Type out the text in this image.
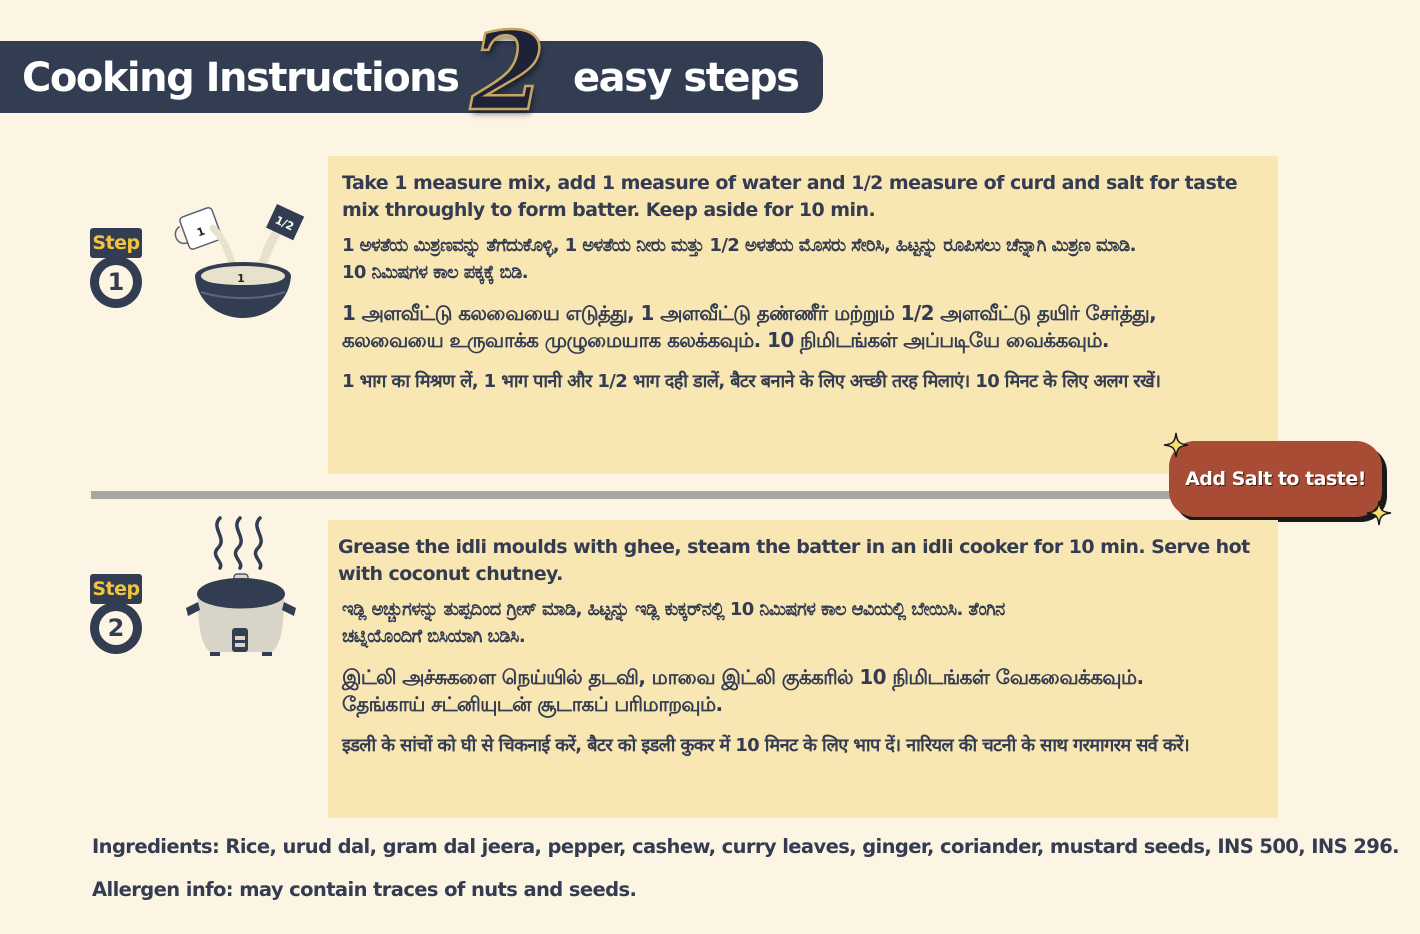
Cooking Instructions 2 easy steps
Step
1
1/2
1
1

Take 1 measure mix, add 1 measure of water and 1/2 measure of curd and salt for taste mix throughly to form batter. Keep aside for 10 min.

1 ಅಳತೆಯ ಮಿಶ್ರಣವನ್ನು ತೆಗೆದುಕೊಳ್ಳಿ, 1 ಅಳತೆಯ ನೀರು ಮತ್ತು 1/2 ಅಳತೆಯ ಮೊಸರು ಸೇರಿಸಿ, ಹಿಟ್ಟನ್ನು ರೂಪಿಸಲು ಚೆನ್ನಾಗಿ ಮಿಶ್ರಣ ಮಾಡಿ. 10 ನಿಮಿಷಗಳ ಕಾಲ ಪಕ್ಕಕ್ಕೆ ಬಿಡಿ.

1 அளவீட்டு கலவையை எடுத்து, 1 அளவீட்டு தண்ணீர் மற்றும் 1/2 அளவீட்டு தயிர் சேர்த்து, கலவையை உருவாக்க முழுமையாக கலக்கவும். 10 நிமிடங்கள் அப்படியே வைக்கவும்.

1 भाग का मिश्रण लें, 1 भाग पानी और 1/2 भाग दही डालें, बैटर बनाने के लिए अच्छी तरह मिलाएं। 10 मिनट के लिए अलग रखें।

Add Salt to taste!
Step
2

Grease the idli moulds with ghee, steam the batter in an idli cooker for 10 min. Serve hot with coconut chutney.

ಇಡ್ಲಿ ಅಚ್ಚುಗಳನ್ನು ತುಪ್ಪದಿಂದ ಗ್ರೀಸ್ ಮಾಡಿ, ಹಿಟ್ಟನ್ನು ಇಡ್ಲಿ ಕುಕ್ಕರ್‌ನಲ್ಲಿ 10 ನಿಮಿಷಗಳ ಕಾಲ ಆವಿಯಲ್ಲಿ ಬೇಯಿಸಿ. ತೆಂಗಿನ ಚಟ್ನಿಯೊಂದಿಗೆ ಬಿಸಿಯಾಗಿ ಬಡಿಸಿ.

இட்லி அச்சுகளை நெய்யில் தடவி, மாவை இட்லி குக்கரில் 10 நிமிடங்கள் வேகவைக்கவும். தேங்காய் சட்னியுடன் சூடாகப் பரிமாறவும்.

इडली के सांचों को घी से चिकनाई करें, बैटर को इडली कुकर में 10 मिनट के लिए भाप दें। नारियल की चटनी के साथ गरमागरम सर्व करें।

Ingredients: Rice, urud dal, gram dal jeera, pepper, cashew, curry leaves, ginger, coriander, mustard seeds, INS 500, INS 296.
Allergen info: may contain traces of nuts and seeds.
